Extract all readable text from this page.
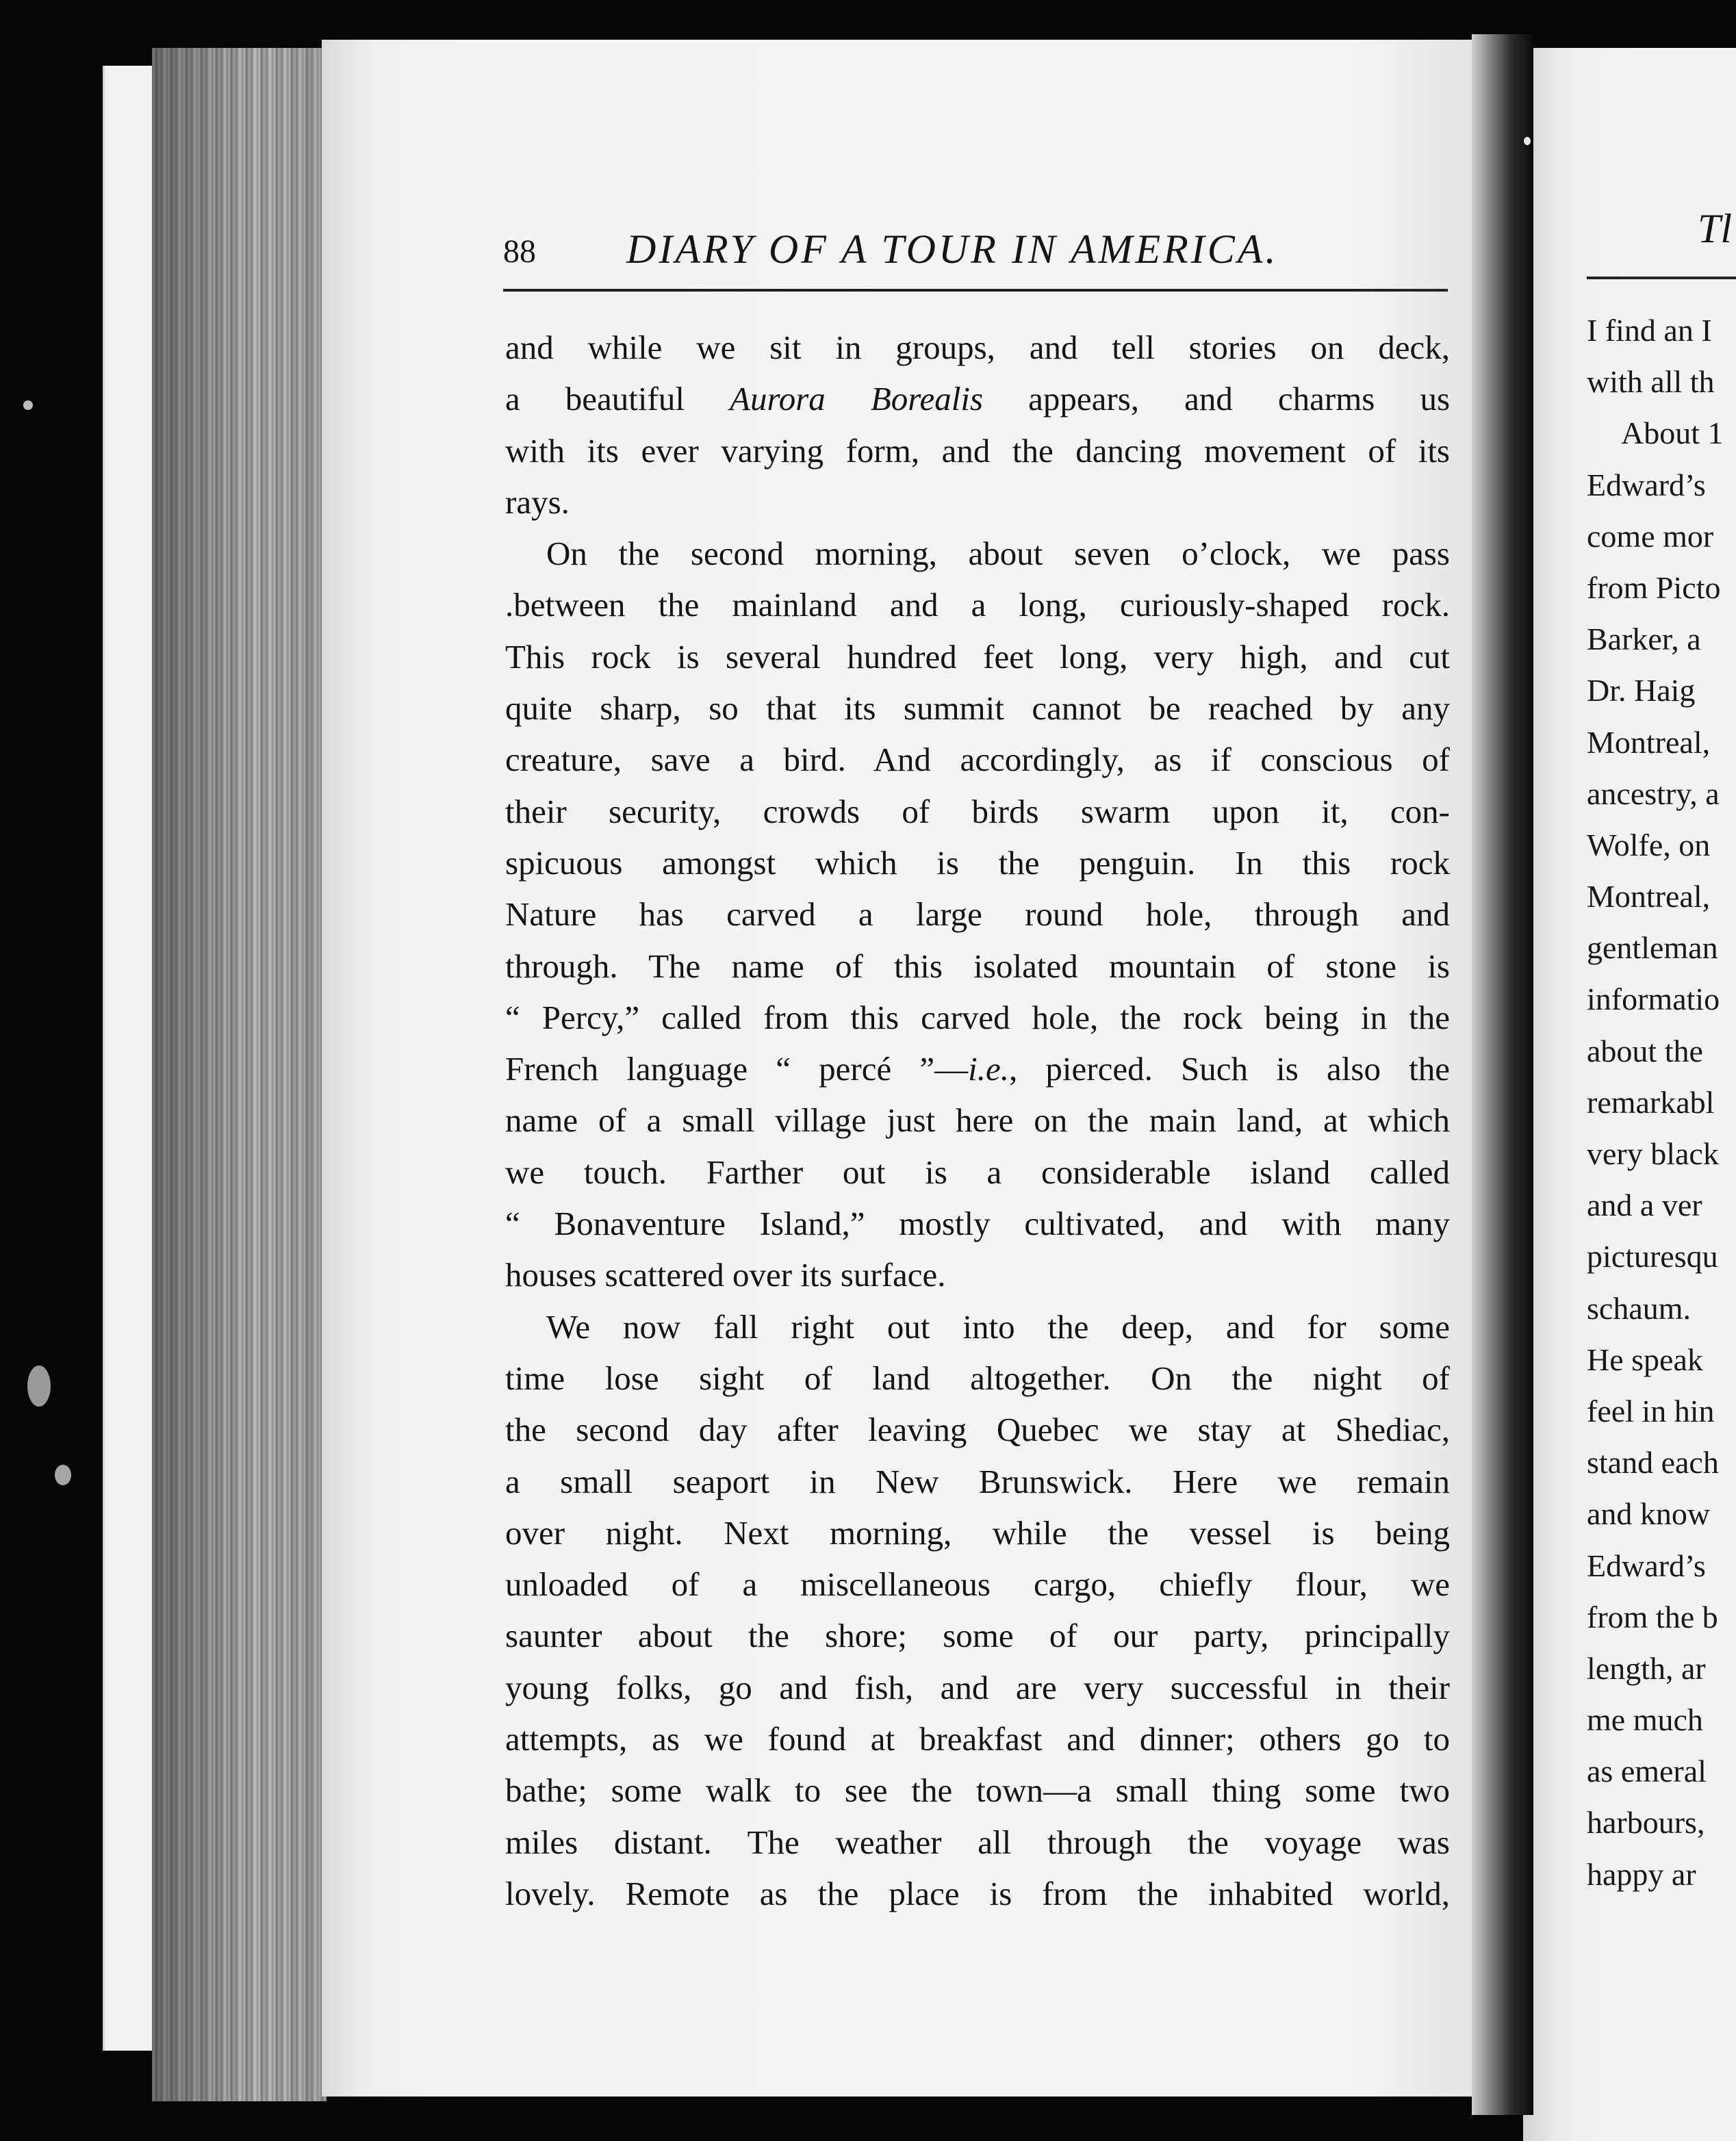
88 DIARY OF A TOUR IN AMERICA.
and while we sit in groups, and tell stories on deck,
a beautiful Aurora Borealis appears, and charms us
with its ever varying form, and the dancing movement of its
rays.
On the second morning, about seven o’clock, we pass
.between the mainland and a long, curiously-shaped rock.
This rock is several hundred feet long, very high, and cut
quite sharp, so that its summit cannot be reached by any
creature, save a bird. And accordingly, as if conscious of
their security, crowds of birds swarm upon it, con-
spicuous amongst which is the penguin. In this rock
Nature has carved a large round hole, through and
through. The name of this isolated mountain of stone is
“ Percy,” called from this carved hole, the rock being in the
French language “ percé ”—i.e., pierced. Such is also the
name of a small village just here on the main land, at which
we touch. Farther out is a considerable island called
“ Bonaventure Island,” mostly cultivated, and with many
houses scattered over its surface.
We now fall right out into the deep, and for some
time lose sight of land altogether. On the night of
the second day after leaving Quebec we stay at Shediac,
a small seaport in New Brunswick. Here we remain
over night. Next morning, while the vessel is being
unloaded of a miscellaneous cargo, chiefly flour, we
saunter about the shore; some of our party, principally
young folks, go and fish, and are very successful in their
attempts, as we found at breakfast and dinner; others go to
bathe; some walk to see the town—a small thing some two
miles distant. The weather all through the voyage was
lovely. Remote as the place is from the inhabited world,
Tl
I find an I
with all th
About 1
Edward’s
come mor
from Picto
Barker, a
Dr. Haig
Montreal,
ancestry, a
Wolfe, on
Montreal,
gentleman
informatio
about the
remarkabl
very black
and a ver
picturesqu
schaum.
He speak
feel in hin
stand each
and know
Edward’s
from the b
length, ar
me much
as emeral
harbours,
happy ar
